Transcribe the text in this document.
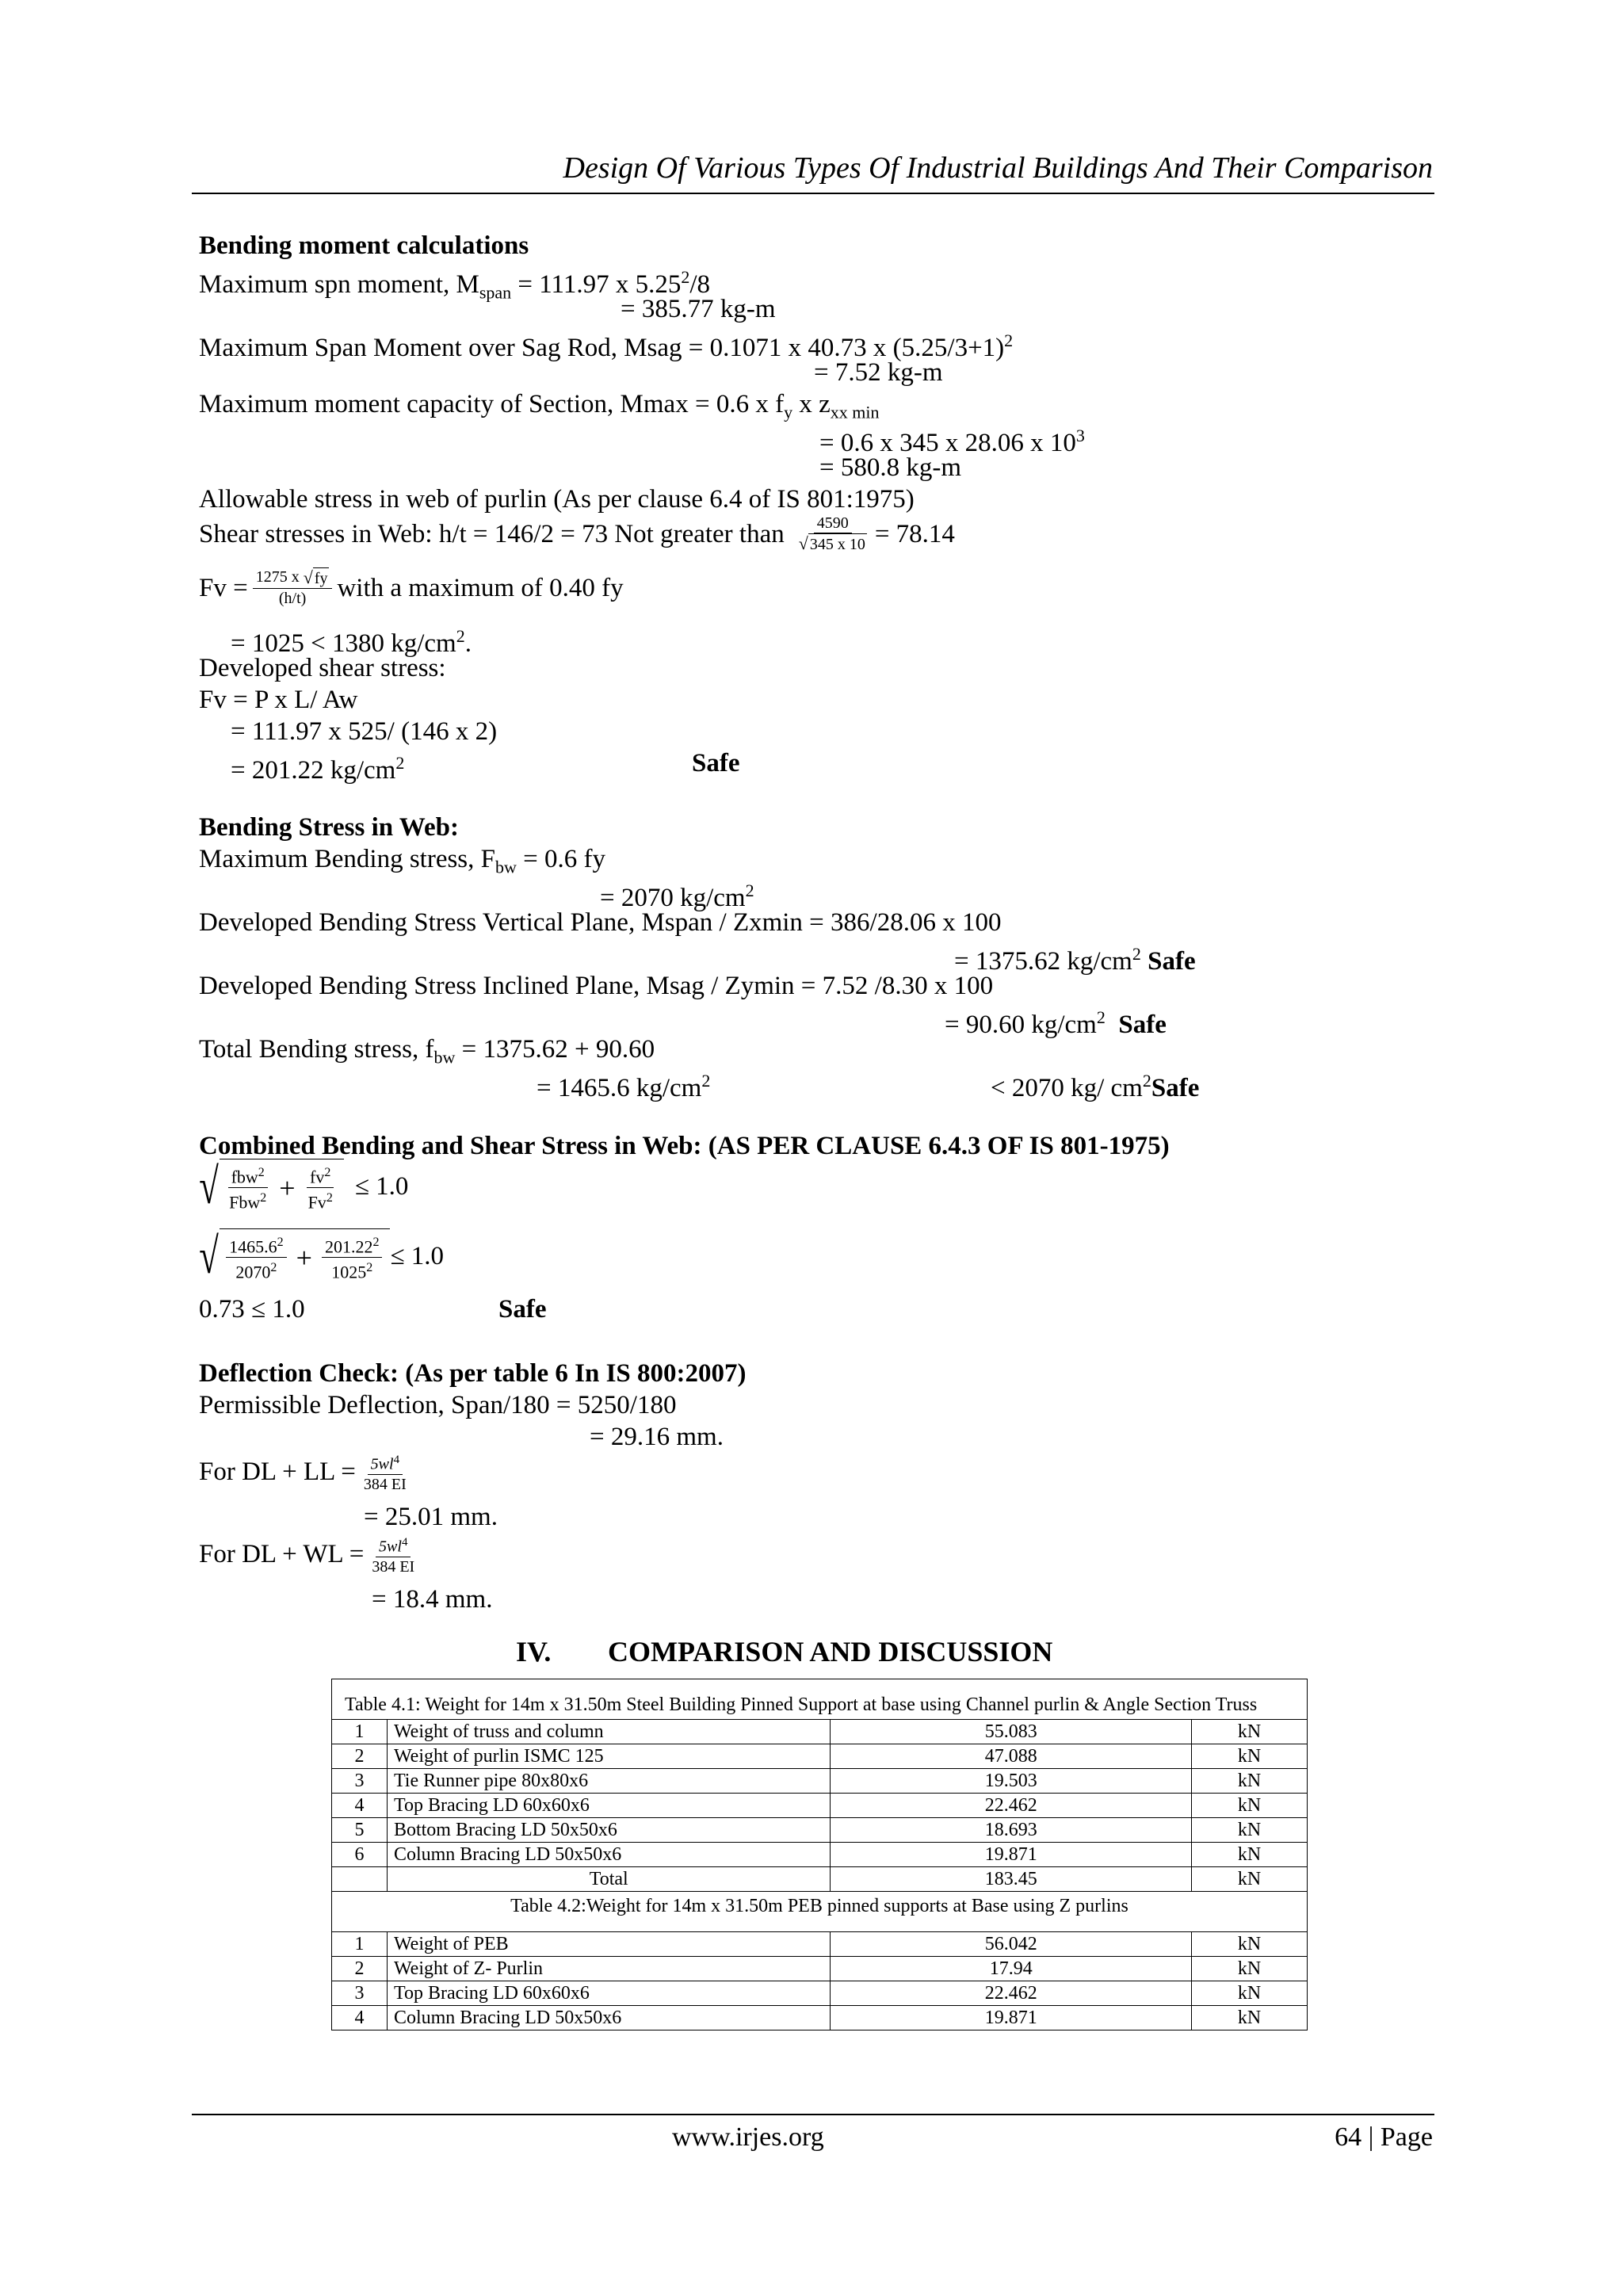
Design Of Various Types Of Industrial Buildings And Their Comparison
Bending moment calculations
Maximum spn moment, $M_{span} = 111.97$ x $5.25^2/8$
= 385.77 kg-m
Maximum Span Moment over Sag Rod, Msag = 0.1071 x 40.73 x $(5.25/3+1)^2$
= 7.52 kg-m
Maximum moment capacity of Section, Mmax = 0.6 x $f_y$ x $z_{xx min}$
= 0.6 x 345 x 28.06 x $10^3$
= 580.8 kg-m
Allowable stress in web of purlin (As per clause 6.4 of IS 801:1975)
Shear stresses in Web: h/t = 146/2 = 73 Not greater than $\frac{4590}{√ 345 x 10} = 78.14$
$Fv = \frac{1275 x √ fy}{(h/t)}$ with a maximum of 0.40 fy
= 1025 < 1380 $kg/cm^2$.
Developed shear stress:
Fv = P x L/ Aw
= 111.97 x 525/ (146 x 2)
= 201.22 $kg/cm^2$	Safe
Bending Stress in Web:
Maximum Bending stress, $F_{bw} = 0.6$ fy
= 2070 $kg/cm^2$
Developed Bending Stress Vertical Plane, Mspan / Zxmin = 386/28.06 x 100
= 1375.62 $kg/cm^2$ Safe
Developed Bending Stress Inclined Plane, Msag / Zymin = 7.52 /8.30 x 100
= 90.60 $kg/cm^2$ Safe
Total Bending stress, $f_{bw} = 1375.62 + 90.60$
= 1465.6 $kg/cm^2$	< 2070 kg/ $cm^2Safe$
Combined Bending and Shear Stress in Web: (AS PER CLAUSE 6.4.3 OF IS 801-1975)
√ $\frac{fbw^2}{Fbw^2} + \frac{fv^2}{Fv^2} \le 1.0$
√ $\frac{1465.6^2}{2070^2} + \frac{201.22^2}{1025^2} \le 1.0$
0.73 ≤ 1.0	Safe
Deflection Check: (As per table 6 In IS 800:2007)
Permissible Deflection, Span/180 = 5250/180
= 29.16 mm.
For DL + LL = $\frac{5wl^4}{384 EI}$
= 25.01 mm.
For DL + WL = $\frac{5wl^4}{384 EI}$
= 18.4 mm.
IV. COMPARISON AND DISCUSSION
Table 4.1: Weight for 14m x 31.50m Steel Building Pinned Support at base using Channel purlin & Angle Section Truss			
1	Weight of truss and column	55.083	kN
2	Weight of purlin ISMC 125	47.088	kN
3	Tie Runner pipe 80x80x6	19.503	kN
4	Top Bracing LD 60x60x6	22.462	kN
5	Bottom Bracing LD 50x50x6	18.693	kN
6	Column Bracing LD 50x50x6	19.871	kN
	Total	183.45	kN
Table 4.2:Weight for 14m x 31.50m PEB pinned supports at Base using Z purlins			
1	Weight of PEB	56.042	kN
2	Weight of Z- Purlin	17.94	kN
3	Top Bracing LD 60x60x6	22.462	kN
4	Column Bracing LD 50x50x6	19.871	kN
www.irjes.org	64 | Page
